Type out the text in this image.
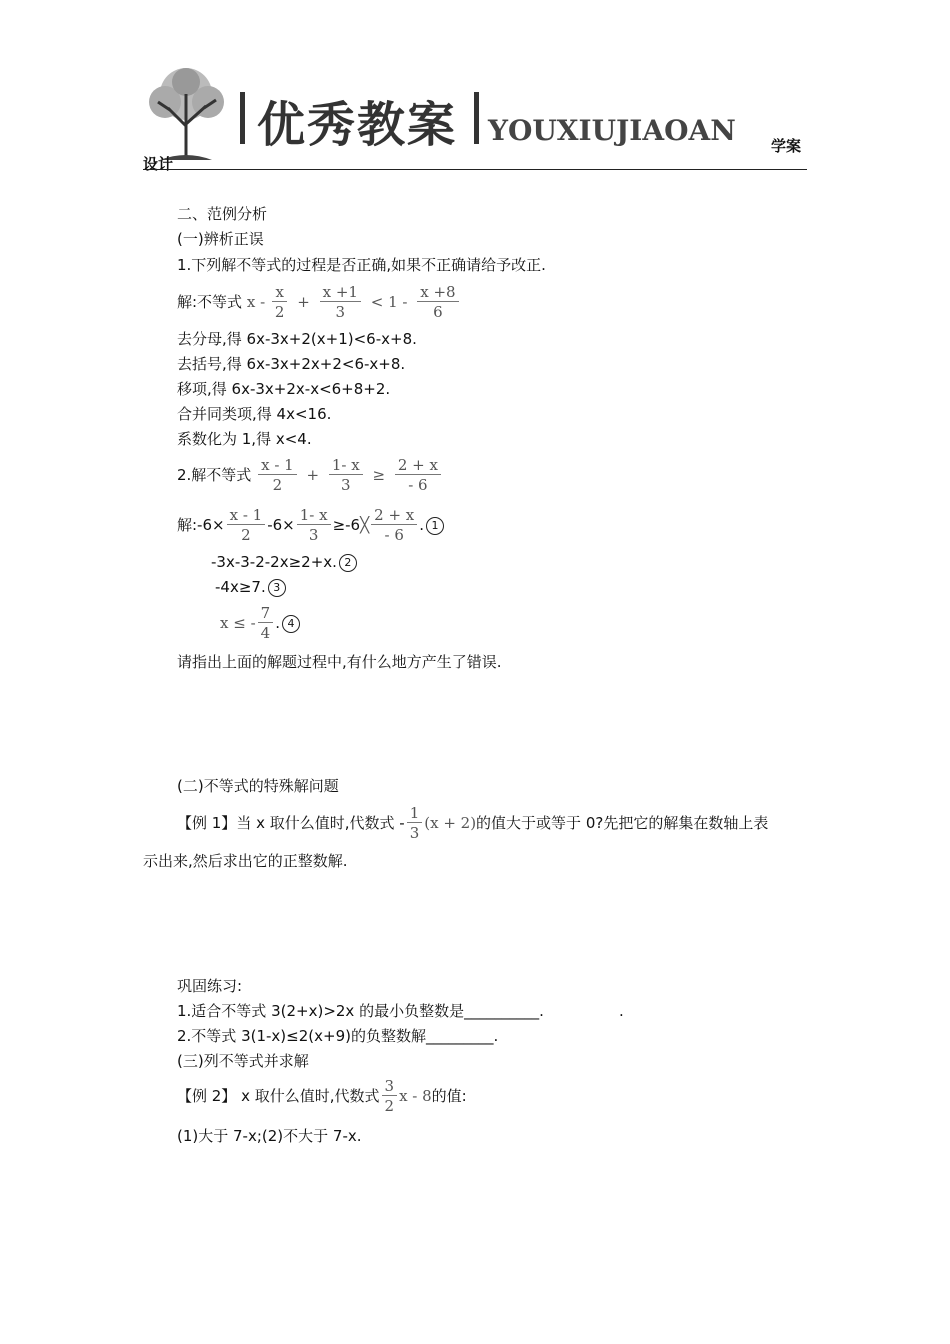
优秀教案 YOUXIUJIAOAN 学案
设计
二、范例分析
(一)辨析正误
1.下列解不等式的过程是否正确,如果不正确请给予改正.
解:不等式 $x - \frac{x}{2} + \frac{x +1}{3} < 1 - \frac{x +8}{6}$
去分母,得 6x-3x+2(x+1)<6-x+8.
去括号,得 6x-3x+2x+2<6-x+8.
移项,得 6x-3x+2x-x<6+8+2.
合并同类项,得 4x<16.
系数化为 1,得 x<4.
2.解不等式 $\frac{x - 1}{2} + \frac{1- x}{3} \ge \frac{2 + x}{- 6}$
解:-6× $\frac{x - 1}{2} -6\times \frac{1- x}{3}$ ≥-6╳ $\frac{2 + x}{- 6}$ . 1
-3x-3-2-2x≥2+x. 2
-4x≥7. 3
x ≤ - $\frac{7}{4}$ . 4
请指出上面的解题过程中,有什么地方产生了错误.
(二)不等式的特殊解问题
【例 1】当 x 取什么值时,代数式 - $\frac{1}{3} (x + 2)$的值大于或等于 0?先把它的解集在数轴上表
示出来,然后求出它的正整数解.
巩固练习:
1.适合不等式 3(2+x)>2x 的最小负整数是__________.	.
2.不等式 3(1-x)≤2(x+9)的负整数解_________.
(三)列不等式并求解
【例 2】 x 取什么值时,代数式 $\frac{3}{2}$ x - 8的值:
(1)大于 7-x;(2)不大于 7-x.
